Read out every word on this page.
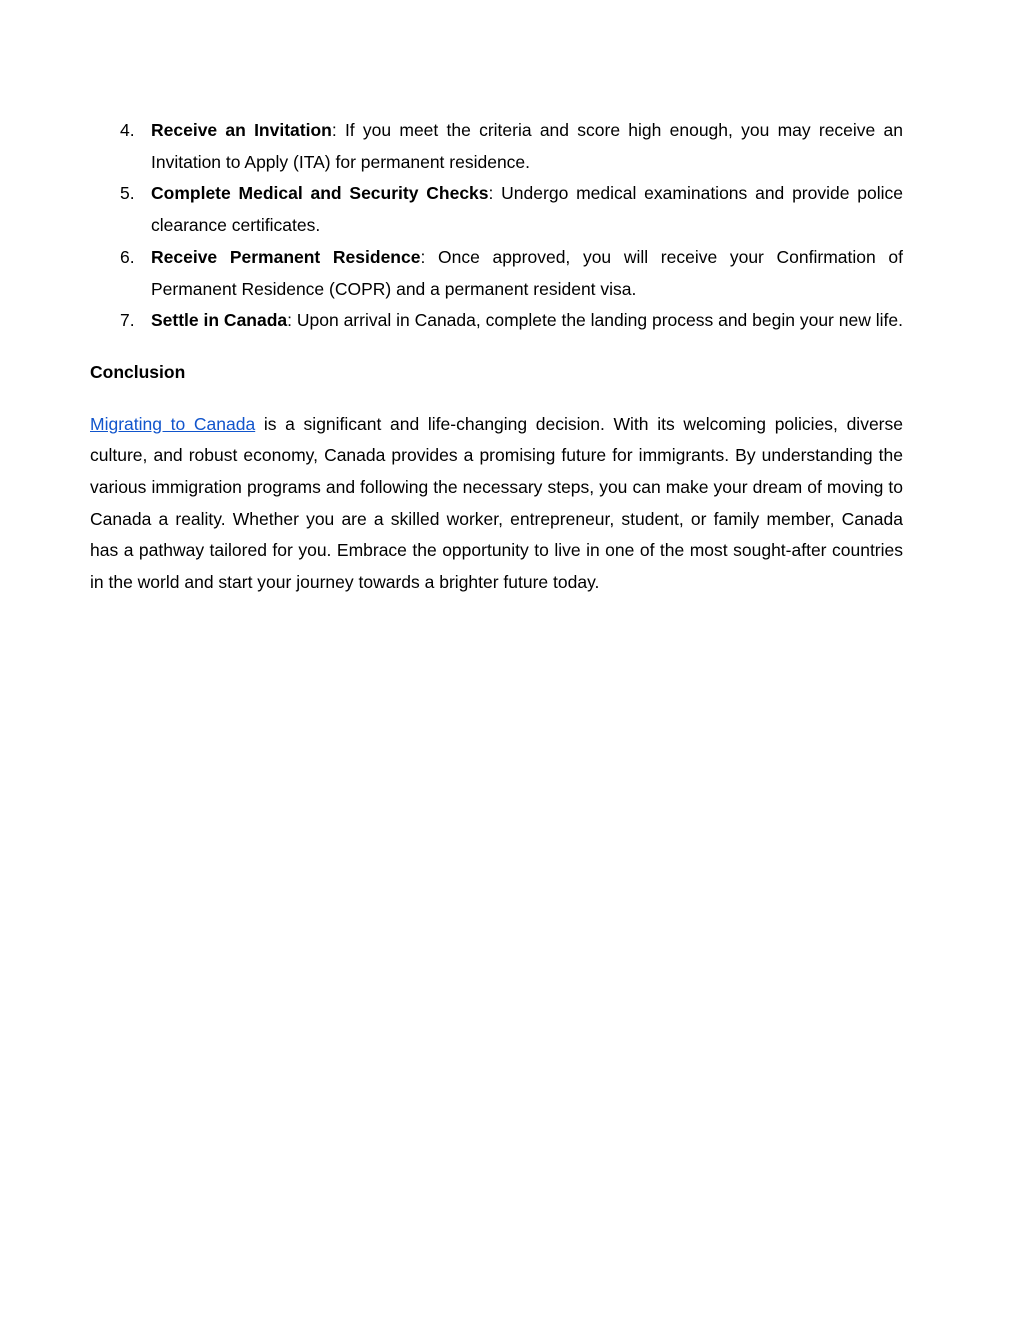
4. Receive an Invitation: If you meet the criteria and score high enough, you may receive an Invitation to Apply (ITA) for permanent residence.
5. Complete Medical and Security Checks: Undergo medical examinations and provide police clearance certificates.
6. Receive Permanent Residence: Once approved, you will receive your Confirmation of Permanent Residence (COPR) and a permanent resident visa.
7. Settle in Canada: Upon arrival in Canada, complete the landing process and begin your new life.
Conclusion

Migrating to Canada is a significant and life-changing decision. With its welcoming policies, diverse culture, and robust economy, Canada provides a promising future for immigrants. By understanding the various immigration programs and following the necessary steps, you can make your dream of moving to Canada a reality. Whether you are a skilled worker, entrepreneur, student, or family member, Canada has a pathway tailored for you. Embrace the opportunity to live in one of the most sought-after countries in the world and start your journey towards a brighter future today.
